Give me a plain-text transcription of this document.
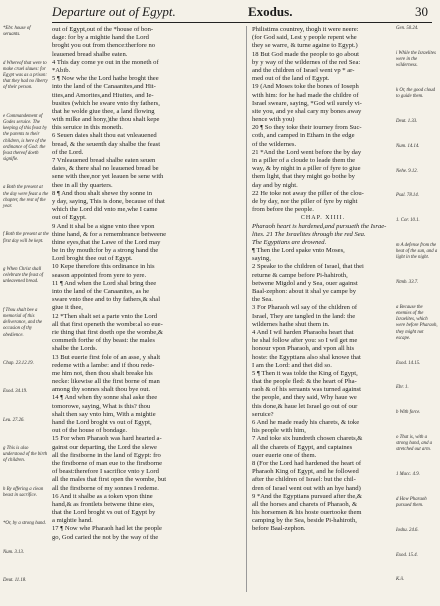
Departure out of Egypt.	Exodus.	30
*Ebr. house of seruants.
d Whereof that were to make cruel slaues: for Egypt was as a prison: that they had no liberty of their person.
e Commandement of Godes seruice. The keeping of this feast by the parents to their children, is here of the ordinance of God: the feast thereof doeth signifie.
a Both the present at the day were feast a the chapter, the rest of the year.
f Both the present at the first day will be kept.
g When Christ shall celebrate the feast of unleavened bread.
f Thou shalt bee a memorial of this deliverance, and the occasion of thy obedience.
Chap. 23.12.19.
Exod. 34.19.
Leu. 27.26.
g This is also understood of the birth of children.
h By offering a clean beast in sacrifice.
*Or, by a strong hand.
Num. 3.13.
Deut. 11.18.
out of Egypt,out of the *house of bon-
dage: for by a mightie hand the Lord
broght you out from thence:therfore no
leauened bread shalbe eaten.
4 This day come ye out in the moneth of
*Abib.
5 ¶ Now whe the Lord hathe broght thee
into the land of the Canaanites,and Hit-
tites,and Amorites,and Hiuites, and Ie-
busites (which he sware vnto thy fathers,
that he wolde giue thee, a land flowing
with milke and hony,)the thou shalt kepe
this seruice in this moneth.
6 Seuen daies shalt thou eat vnleauened
bread, & the seuenth day shalbe the feast
of the Lord.
7 Vnleauened bread shalbe eaten seuen
daies, & there shal no leauened bread be
sene with thee,nor yet leauen be sene with
thee in all thy quarters.
8 ¶ And thou shalt shewe thy sonne in
y day, saying, This is done, because of that
which the Lord did vnto me,whe I came
out of Egypt.
9 And it shal be a signe vnto thee vpon
thine hand, & for a remembrance betweene
thine eyes,that the Lawe of the Lord may
be in thy mouth:for by a strong hand the
Lord broght thee out of Egypt.
10 Kepe therefore this ordinance in his
season appointed from yere to yere.
11 ¶ And when the Lord shal bring thee
into the land of the Canaanites, as he
sware vnto thee and to thy fathers,& shal
giue it thee,
12 *Then shalt set a parte vnto the Lord
all that first openeth the wombe:al so eue-
rie thing that first doeth ope the wombe,&
commeth forthe of thy beast: the males
shalbe the Lords.
13 But euerie first fole of an asse, y shalt
redeme with a lambe: and if thou rede-
me him not, then thou shalt breake his
necke: likewise all the first borne of man
among thy sonnes shalt thou bye out.
14 ¶ And when thy sonne shal aske thee
tomorowe, saying, What is this? thou
shalt then say vnto him, With a mightie
hand the Lord broght vs out of Egypt,
out of the house of bondage.
15 For when Pharaoh was hard hearted a-
gainst our departing, the Lord the slewe
all the firstborne in the land of Egypt: fro
the firstborne of man eue to the firstborne
of beast:therefore I sacrifice vnto y Lord
all the males that first open the wombe, but
all the firstborne of my sonnes I redeme.
16 And it shalbe as a token vpon thine
hand,& as frontlets betwene thine eies,
that the Lord broght vs out of Egypt by
a mightie hand.
17 ¶ Now whe Pharaoh had let the people
go, God caried the not by the way of the
Philistims countrey, thogh it were neere:
(for God said, Lest y people repent whe
they se warre, & turne againe to Egypt.)
18 But God made the people to go about
by y way of the wildernes of the red Sea:
and the children of Israel went vp * ar-
med out of the land of Egypt.
19 (And Moses toke the bones of Ioseph
with him: for he had made the childre of
Israel sweare, saying, *God wil surely vi-
site you, and ye shal cary my bones away
hence with you)
20 ¶ So they toke their iourney from Suc-
coth, and camped in Etham in the edge
of the wildernes.
21 *And the Lord went before the by day
in a piller of a cloude to leade them the
way, & by night in a piller of fyre to giue
them light, that they might go bothe by
day and by night.
22 He toke not away the piller of the clou-
de by day, nor the piller of fyre by night
from before the people.
CHAP. XIIII.
Pharaoh heart is hardened,and pursueth the Israe-
lites. 21 The Israelites through the red Sea.
The Egyptians are drowned.
¶ Then the Lord spake vnto Moses,
saying,
2 Speake to the children of Israel, that thei
returne & campe before Pi-hahiroth,
betwene Migdol and y Sea, ouer against
Baal-zephon: about it shal ye campe by
the Sea.
3 For Pharaoh wil say of the children of
Israel, They are tangled in the land: the
wildernes hathe shut them in.
4 And I wil harden Pharaohs heart that
he shal follow after you: so I wil get me
honour vpon Pharaoh, and vpon all his
hoste: the Egyptians also shal knowe that
I am the Lord: and thei did so.
5 ¶ Then it was tolde the King of Egypt,
that the people fled: & the heart of Pha-
raoh & of his seruants was turned against
the people, and they said, Why haue we
this done,& haue let Israel go out of our
seruice?
6 And he made ready his charets, & toke
his people with him,
7 And toke six hundreth chosen charets,&
all the charets of Egypt, and captaines
ouer euerie one of them.
8 (For the Lord had hardened the heart of
Pharaoh King of Egypt, and he followed
after the children of Israel: but the chil-
dren of Israel went out with an hye hand)
9 *And the Egyptians pursued after the,&
all the horses and charets of Pharaoh, &
his horsemen & his hoste ouertooke them
camping by the Sea, beside Pi-hahiroth,
before Baal-zephon.
Gen. 50.24.
i While the Israelites were in the wilderness.
k Or, the good cloud to guide them.
Deut. 1.33.
Num. 14.14.
Nehe. 9.12.
Psal. 78.14.
1. Cor. 10.1.
m A defense from the heat of the sun, and a light in the night.
Ntmb. 33.7.
a Because the enemies of the Israelites, which were before Pharaoh, they might not escape.
Exod. 14.15.
Ebr. 1.
b With force.
o That is, with a strong hand, and a stretched out arm.
1 Macc. 4.9.
d How Pharaoh pursued them.
Ioshu. 24.6.
Exod. 15.4.
K.ii.
